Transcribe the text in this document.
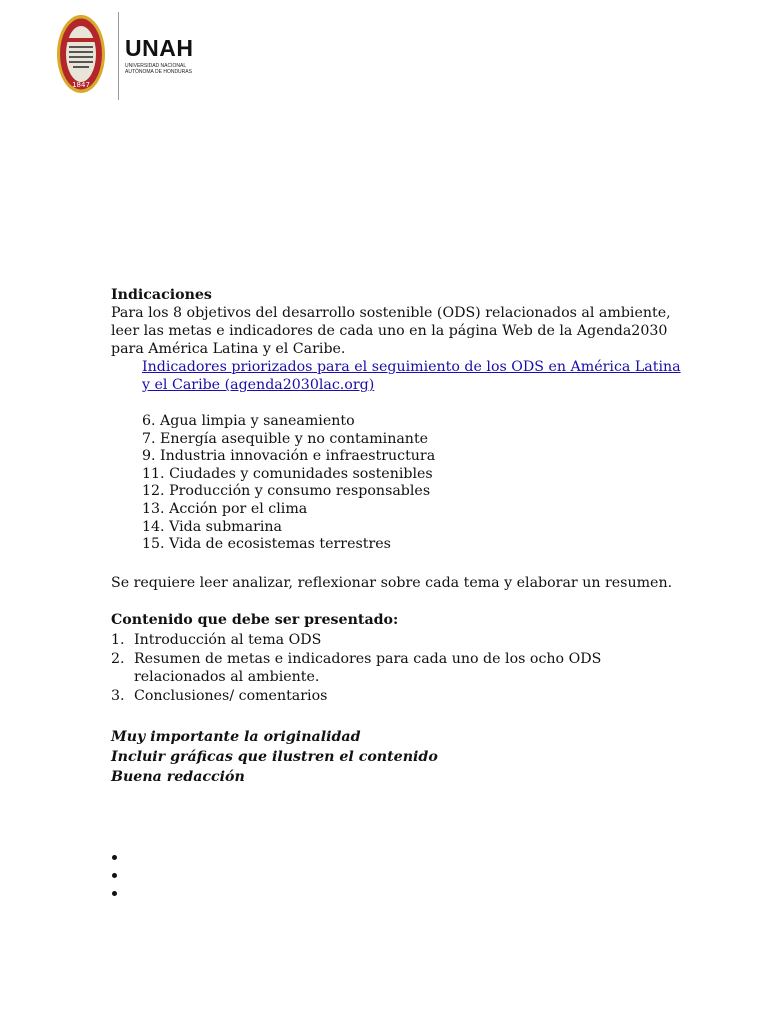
1847
UNAH
UNIVERSIDAD NACIONAL
AUTÓNOMA DE HONDURAS
Indicaciones
Para los 8 objetivos del desarrollo sostenible (ODS) relacionados al ambiente, leer las metas e indicadores de cada uno en la página Web de la Agenda2030 para América Latina y el Caribe.
Indicadores priorizados para el seguimiento de los ODS en América Latina y el Caribe (agenda2030lac.org)
6. Agua limpia y saneamiento
7. Energía asequible y no contaminante
9. Industria innovación e infraestructura
11. Ciudades y comunidades sostenibles
12. Producción y consumo responsables
13. Acción por el clima
14. Vida submarina
15. Vida de ecosistemas terrestres
Se requiere leer analizar, reflexionar sobre cada tema y elaborar un resumen.
Contenido que debe ser presentado:
1. Introducción al tema ODS
2. Resumen de metas e indicadores para cada uno de los ocho ODS relacionados al ambiente.
3. Conclusiones/ comentarios
Muy importante la originalidad
Incluir gráficas que ilustren el contenido
Buena redacción
